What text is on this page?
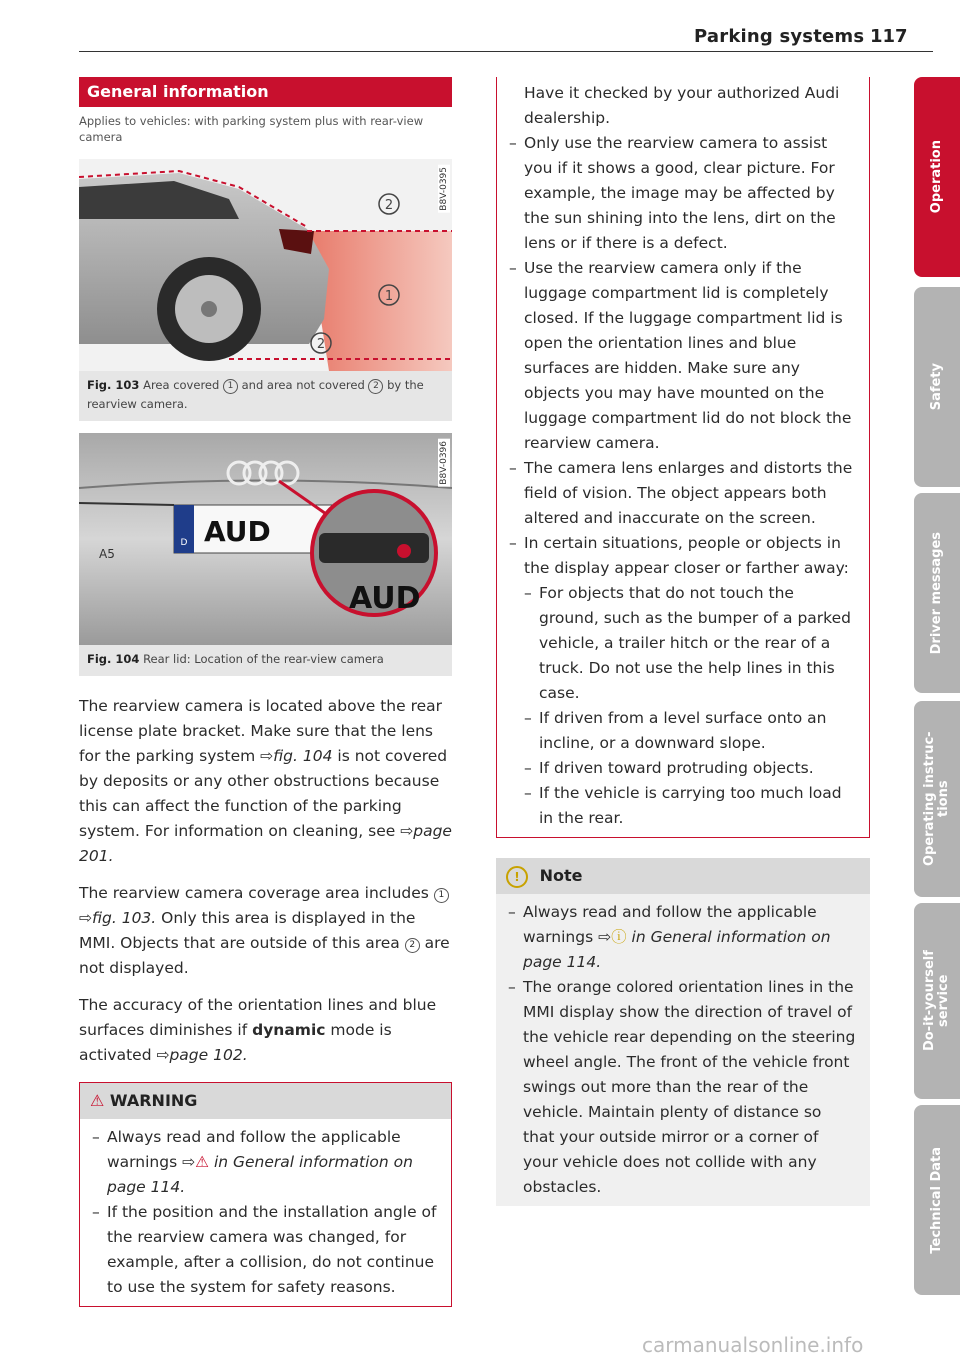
Parking systems 117
General information
Applies to vehicles: with parking system plus with rear-view camera
2
1
2
B8V-0395
Fig. 103 Area covered 1 and area not covered 2 by the rearview camera.
D AUD
A5
AUD
B8V-0396
Fig. 104 Rear lid: Location of the rear-view camera

The rearview camera is located above the rear license plate bracket. Make sure that the lens for the parking system ⇨fig. 104 is not covered by deposits or any other obstructions because this can affect the function of the parking system. For information on cleaning, see ⇨page 201.

The rearview camera coverage area includes 1 ⇨fig. 103. Only this area is displayed in the MMI. Objects that are outside of this area 2 are not displayed.

The accuracy of the orientation lines and blue surfaces diminishes if dynamic mode is activated ⇨page 102.

⚠ WARNING
– Always read and follow the applicable warnings ⇨⚠ in General information on page 114.
– If the position and the installation angle of the rearview camera was changed, for example, after a collision, do not continue to use the system for safety reasons.
Have it checked by your authorized Audi dealership.
– Only use the rearview camera to assist you if it shows a good, clear picture. For example, the image may be affected by the sun shining into the lens, dirt on the lens or if there is a defect.
– Use the rearview camera only if the luggage compartment lid is completely closed. If the luggage compartment lid is open the orientation lines and blue surfaces are hidden. Make sure any objects you may have mounted on the luggage compartment lid do not block the rearview camera.
– The camera lens enlarges and distorts the field of vision. The object appears both altered and inaccurate on the screen.
– In certain situations, people or objects in the display appear closer or farther away:
– For objects that do not touch the ground, such as the bumper of a parked vehicle, a trailer hitch or the rear of a truck. Do not use the help lines in this case.
– If driven from a level surface onto an incline, or a downward slope.
– If driven toward protruding objects.
– If the vehicle is carrying too much load in the rear.
! Note
– Always read and follow the applicable warnings ⇨ⓘ in General information on page 114.
– The orange colored orientation lines in the MMI display show the direction of travel of the vehicle rear depending on the steering wheel angle. The front of the vehicle front swings out more than the rear of the vehicle. Maintain plenty of distance so that your outside mirror or a corner of your vehicle does not collide with any obstacles.
Operation
Safety
Driver messages
Operating instruc-tions
Do-it-yourself service
Technical Data
carmanualsonline.info
